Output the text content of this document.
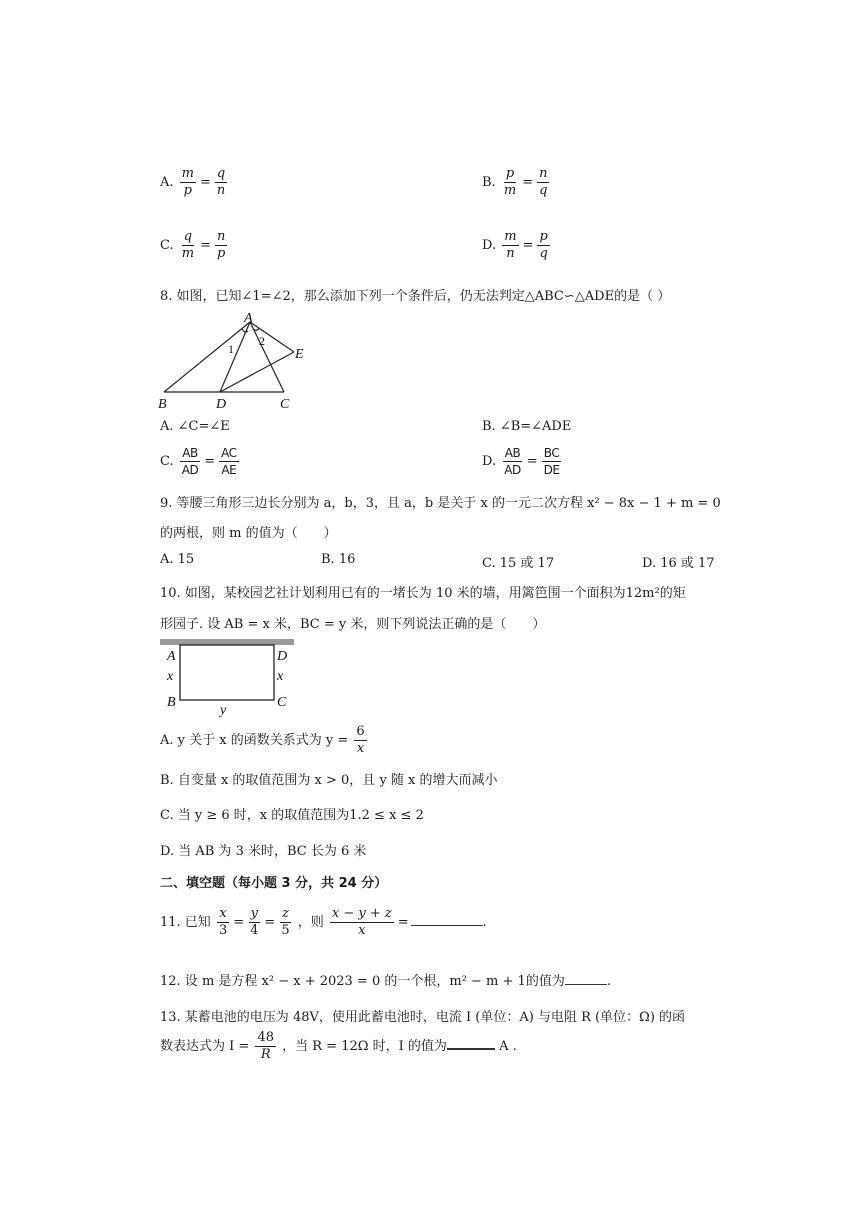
A. $\frac{m}{p} = \frac{q}{n}$	B. $\frac{p}{m} = \frac{n}{q}$
C. $\frac{q}{m} = \frac{n}{p}$	D. $\frac{m}{n} = \frac{p}{q}$
8. 如图，已知∠1=∠2，那么添加下列一个条件后，仍无法判定△ABC∽△ADE的是（ ）
A
B	C
D
E
1
2
A. ∠C=∠E	B. ∠B=∠ADE
C. $\frac{AB}{AD} = \frac{AC}{AE}$	D. $\frac{AB}{AD} = \frac{BC}{DE}$
9. 等腰三角形三边长分别为 a，b，3，且 a，b 是关于 x 的一元二次方程 x² − 8x − 1 + m = 0
的两根，则 m 的值为（　　）
A. 15	B. 16	C. 15 或 17	D. 16 或 17
10. 如图，某校园艺社计划利用已有的一堵长为 10 米的墙，用篱笆围一个面积为12m²的矩
形园子. 设 AB = x 米，BC = y 米，则下列说法正确的是（　　）
A
x
B
D
x
C
y
A. y 关于 x 的函数关系式为 $y = \frac{6}{x}$
B. 自变量 x 的取值范围为 x > 0，且 y 随 x 的增大而减小
C. 当 y ≥ 6 时，x 的取值范围为1.2 ≤ x ≤ 2
D. 当 AB 为 3 米时，BC 长为 6 米
二、填空题（每小题 3 分，共 24 分）
11. 已知 $\frac{x}{3} = \frac{y}{4} = \frac{z}{5}$ ，则 $\frac{x - y + z}{x}$ =	.
12. 设 m 是方程 x² − x + 2023 = 0 的一个根，m² − m + 1的值为	.
13. 某蓄电池的电压为 48V，使用此蓄电池时，电流 I (单位：A) 与电阻 R (单位：Ω) 的函
数表达式为 $I = \frac{48}{R}$ ，当 R = 12Ω 时，I 的值为	A .
